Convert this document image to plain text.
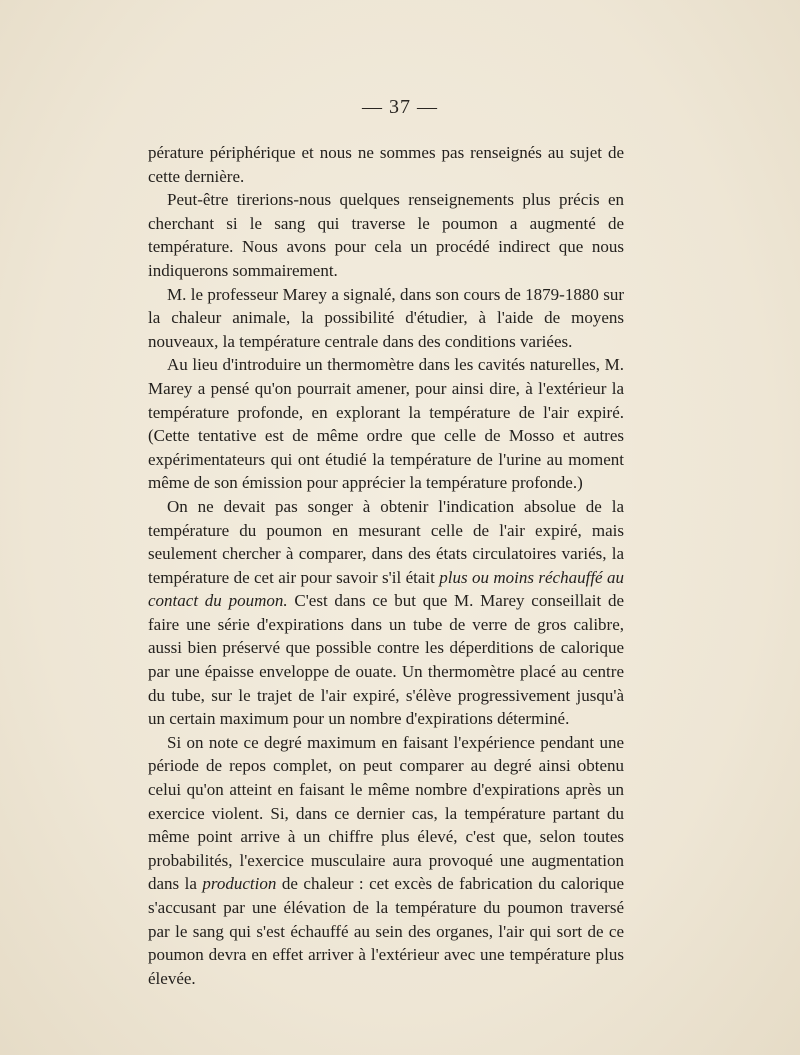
— 37 —

pérature périphérique et nous ne sommes pas renseignés au sujet de cette dernière.

Peut-être tirerions-nous quelques renseignements plus précis en cherchant si le sang qui traverse le poumon a augmenté de température. Nous avons pour cela un procédé indirect que nous indiquerons sommairement.

M. le professeur Marey a signalé, dans son cours de 1879-1880 sur la chaleur animale, la possibilité d'étudier, à l'aide de moyens nouveaux, la température centrale dans des conditions variées.

Au lieu d'introduire un thermomètre dans les cavités naturelles, M. Marey a pensé qu'on pourrait amener, pour ainsi dire, à l'extérieur la température profonde, en explorant la température de l'air expiré. (Cette tentative est de même ordre que celle de Mosso et autres expérimentateurs qui ont étudié la température de l'urine au moment même de son émission pour apprécier la température profonde.)

On ne devait pas songer à obtenir l'indication absolue de la température du poumon en mesurant celle de l'air expiré, mais seulement chercher à comparer, dans des états circulatoires variés, la température de cet air pour savoir s'il était plus ou moins réchauffé au contact du poumon. C'est dans ce but que M. Marey conseillait de faire une série d'expirations dans un tube de verre de gros calibre, aussi bien préservé que possible contre les déperditions de calorique par une épaisse enveloppe de ouate. Un thermomètre placé au centre du tube, sur le trajet de l'air expiré, s'élève progressivement jusqu'à un certain maximum pour un nombre d'expirations déterminé.

Si on note ce degré maximum en faisant l'expérience pendant une période de repos complet, on peut comparer au degré ainsi obtenu celui qu'on atteint en faisant le même nombre d'expirations après un exercice violent. Si, dans ce dernier cas, la température partant du même point arrive à un chiffre plus élevé, c'est que, selon toutes probabilités, l'exercice musculaire aura provoqué une augmentation dans la production de chaleur : cet excès de fabrication du calorique s'accusant par une élévation de la température du poumon traversé par le sang qui s'est échauffé au sein des organes, l'air qui sort de ce poumon devra en effet arriver à l'extérieur avec une température plus élevée.
